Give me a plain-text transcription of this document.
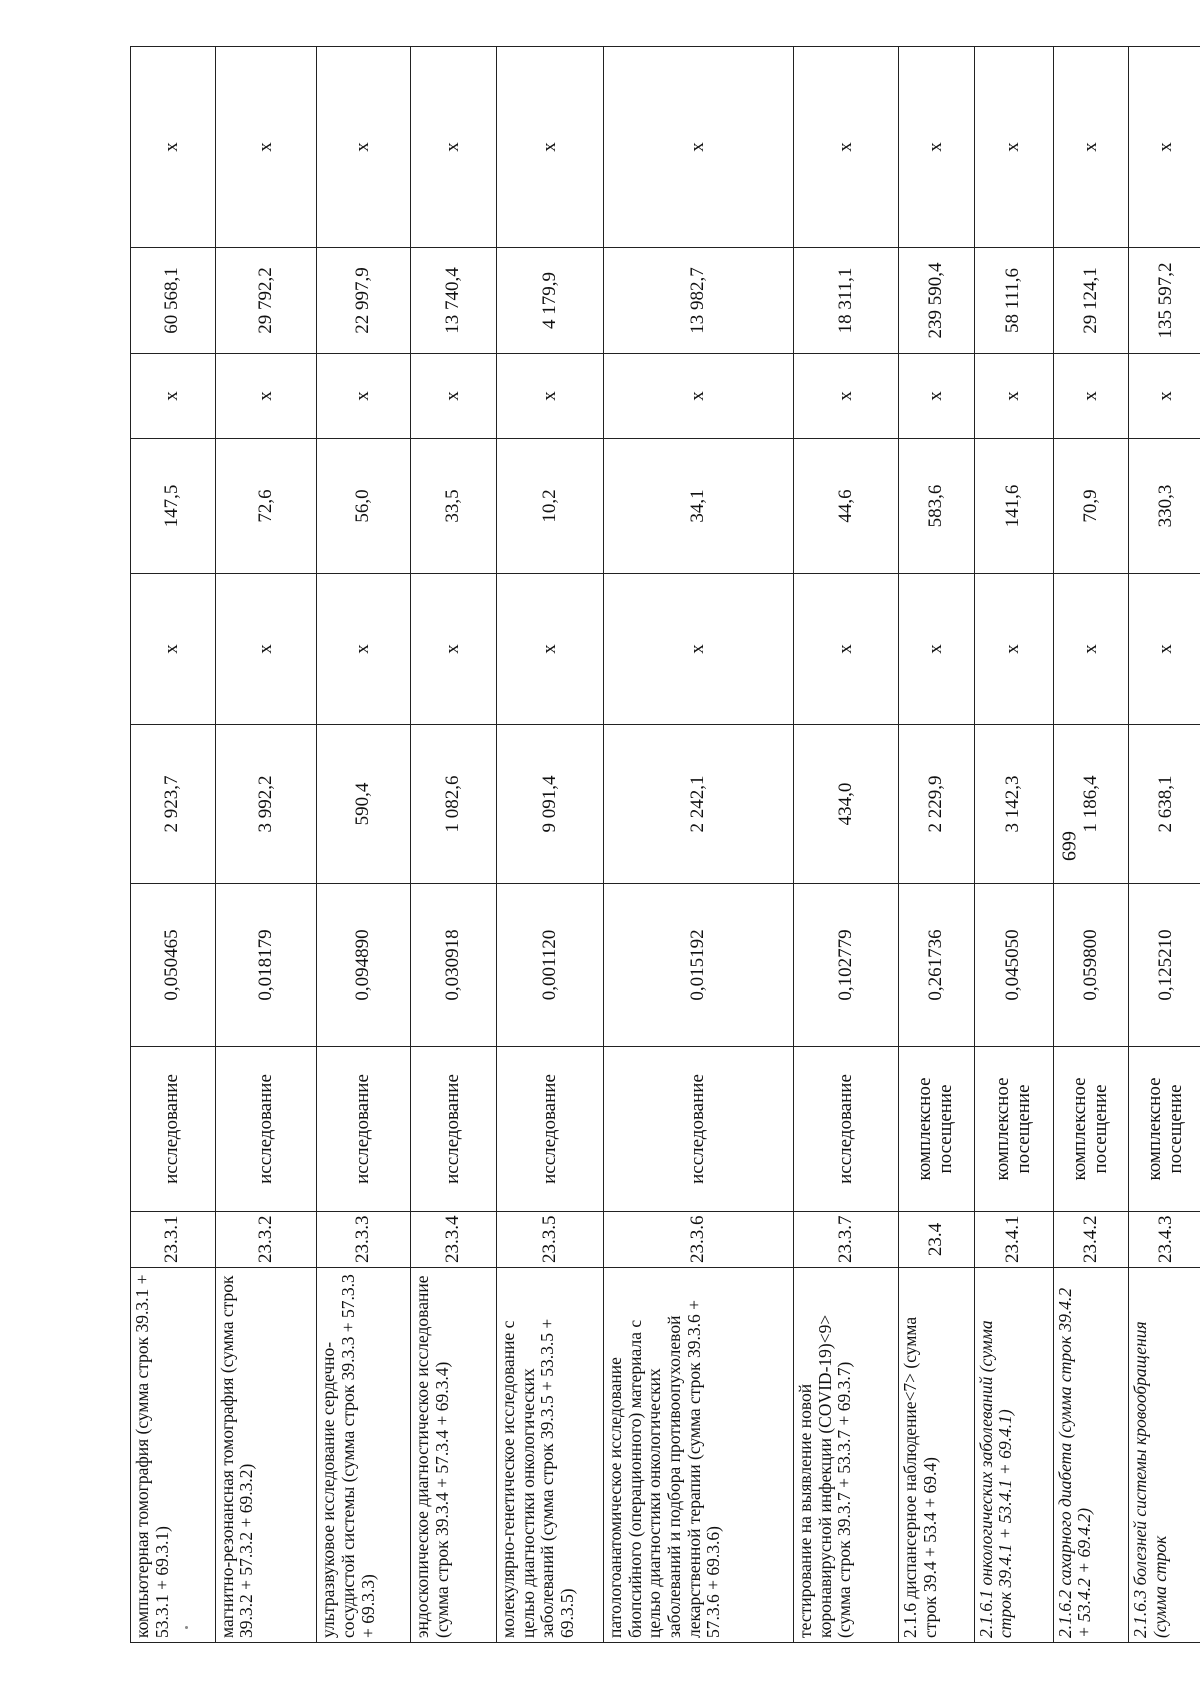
669
компьютерная томография (сумма строк 39.3.1 + 53.3.1 + 69.3.1)	23.3.1	исследование	0,050465	2 923,7	x	147,5	x	60 568,1	x
магнитно-резонансная томография (сумма строк 39.3.2 + 57.3.2 + 69.3.2)	23.3.2	исследование	0,018179	3 992,2	x	72,6	x	29 792,2	x
ультразвуковое исследование сердечно-сосудистой системы (сумма строк 39.3.3 + 57.3.3 + 69.3.3)	23.3.3	исследование	0,094890	590,4	x	56,0	x	22 997,9	x
эндоскопическое диагностическое исследование (сумма строк 39.3.4 + 57.3.4 + 69.3.4)	23.3.4	исследование	0,030918	1 082,6	x	33,5	x	13 740,4	x
молекулярно-генетическое исследование с целью диагностики онкологических заболеваний (сумма строк 39.3.5 + 53.3.5 + 69.3.5)	23.3.5	исследование	0,001120	9 091,4	x	10,2	x	4 179,9	x
патологоанатомическое исследование биопсийного (операционного) материала с целью диагностики онкологических заболеваний и подбора противоопухолевой лекарственной терапии (сумма строк 39.3.6 + 57.3.6 + 69.3.6)	23.3.6	исследование	0,015192	2 242,1	x	34,1	x	13 982,7	x
тестирование на выявление новой коронавирусной инфекции (COVID-19)<9> (сумма строк 39.3.7 + 53.3.7 + 69.3.7)	23.3.7	исследование	0,102779	434,0	x	44,6	x	18 311,1	x
2.1.6 диспансерное наблюдение<7> (сумма строк 39.4 + 53.4 + 69.4)	23.4	комплексное посещение	0,261736	2 229,9	x	583,6	x	239 590,4	x
2.1.6.1 онкологических заболеваний (сумма строк 39.4.1 + 53.4.1 + 69.4.1)	23.4.1	комплексное посещение	0,045050	3 142,3	x	141,6	x	58 111,6	x
2.1.6.2 сахарного диабета (сумма строк 39.4.2 + 53.4.2 + 69.4.2)	23.4.2	комплексное посещение	0,059800	1 186,4	x	70,9	x	29 124,1	x
2.1.6.3 болезней системы кровообращения (сумма строк	23.4.3	комплексное посещение	0,125210	2 638,1	x	330,3	x	135 597,2	x
